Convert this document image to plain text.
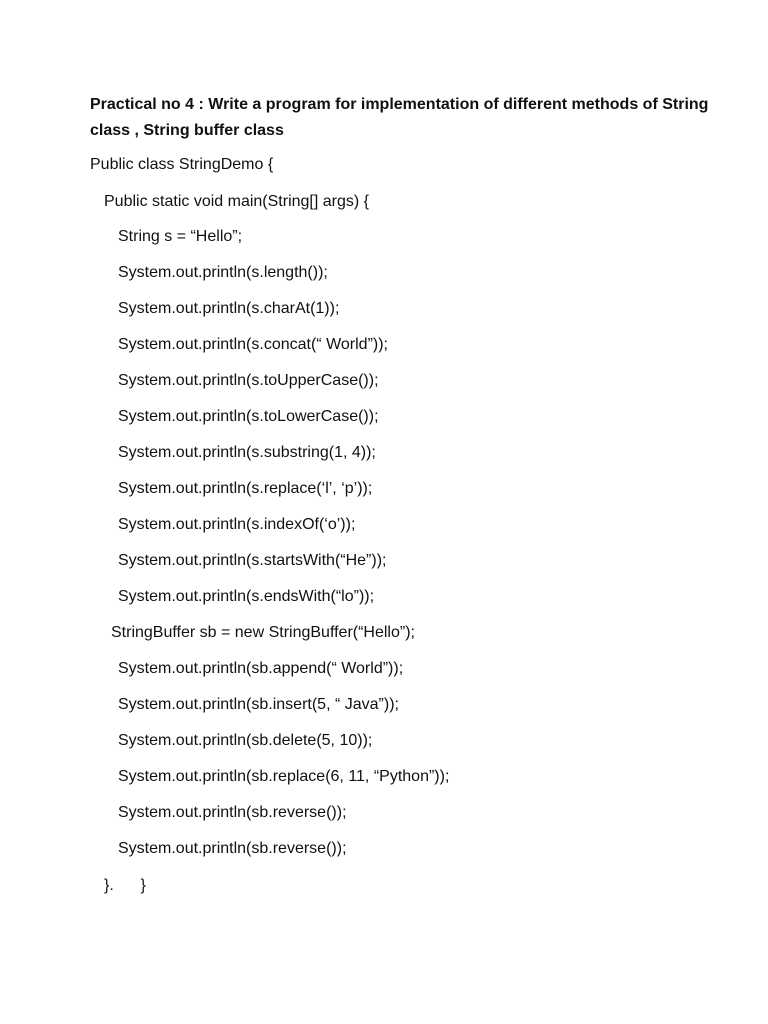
Practical no 4 : Write a program for implementation of different methods of String class , String buffer class

Public class StringDemo {

Public static void main(String[] args) {

String s = “Hello”;

System.out.println(s.length());

System.out.println(s.charAt(1));

System.out.println(s.concat(“ World”));

System.out.println(s.toUpperCase());

System.out.println(s.toLowerCase());

System.out.println(s.substring(1, 4));

System.out.println(s.replace(‘l’, ‘p’));

System.out.println(s.indexOf(‘o’));

System.out.println(s.startsWith(“He”));

System.out.println(s.endsWith(“lo”));

StringBuffer sb = new StringBuffer(“Hello”);

System.out.println(sb.append(“ World”));

System.out.println(sb.insert(5, “ Java”));

System.out.println(sb.delete(5, 10));

System.out.println(sb.replace(6, 11, “Python”));

System.out.println(sb.reverse());

System.out.println(sb.reverse());

}.      }
